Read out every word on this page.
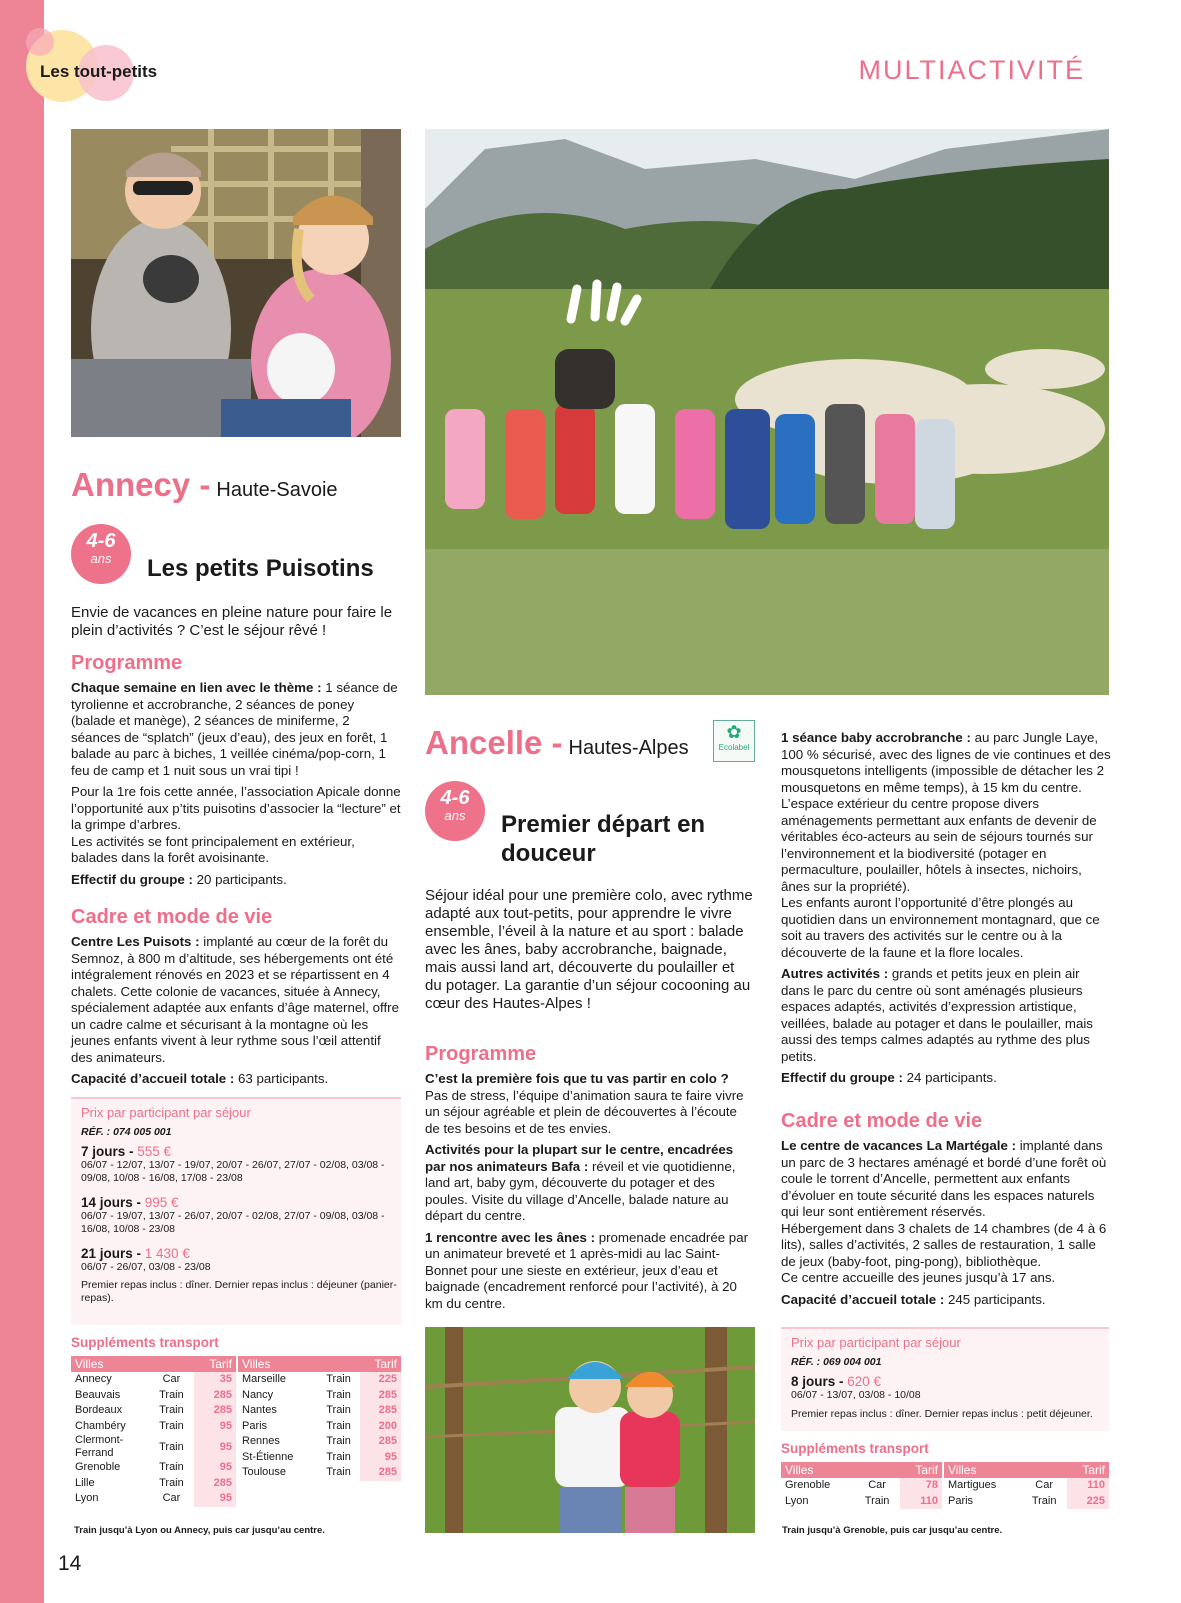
Les tout-petits	MULTIACTIVITÉ
Annecy - Haute-Savoie
4-6
ans	Les petits Puisotins
Envie de vacances en pleine nature pour faire le plein d’activités ? C’est le séjour rêvé !
Programme
Chaque semaine en lien avec le thème : 1 séance de tyrolienne et accrobranche, 2 séances de poney (balade et manège), 2 séances de miniferme, 2 séances de “splatch” (jeux d’eau), des jeux en forêt, 1 balade au parc à biches, 1 veillée cinéma/pop-corn, 1 feu de camp et 1 nuit sous un vrai tipi !
Pour la 1re fois cette année, l’association Apicale donne l’opportunité aux p’tits puisotins d’associer la “lecture” et la grimpe d’arbres.
Les activités se font principalement en extérieur, balades dans la forêt avoisinante.
Effectif du groupe : 20 participants.
Cadre et mode de vie
Centre Les Puisots : implanté au cœur de la forêt du Semnoz, à 800 m d’altitude, ses hébergements ont été intégralement rénovés en 2023 et se répartissent en 4 chalets. Cette colonie de vacances, située à Annecy, spécialement adaptée aux enfants d’âge maternel, offre un cadre calme et sécurisant à la montagne où les jeunes enfants vivent à leur rythme sous l’œil attentif des animateurs.
Capacité d’accueil totale : 63 participants.
Prix par participant par séjour
RÉF. : 074 005 001
7 jours - 555 €
06/07 - 12/07, 13/07 - 19/07, 20/07 - 26/07, 27/07 - 02/08, 03/08 - 09/08, 10/08 - 16/08, 17/08 - 23/08
14 jours - 995 €
06/07 - 19/07, 13/07 - 26/07, 20/07 - 02/08, 27/07 - 09/08, 03/08 - 16/08, 10/08 - 23/08
21 jours - 1 430 €
06/07 - 26/07, 03/08 - 23/08
Premier repas inclus : dîner. Dernier repas inclus : déjeuner (panier-repas).
Suppléments transport
Villes		Tarif
Annecy	Car	35
Beauvais	Train	285
Bordeaux	Train	285
Chambéry	Train	95
Clermont-Ferrand	Train	95
Grenoble	Train	95
Lille	Train	285
Lyon	Car	95
Villes		Tarif
Marseille	Train	225
Nancy	Train	285
Nantes	Train	285
Paris	Train	200
Rennes	Train	285
St-Étienne	Train	95
Toulouse	Train	285
Train jusqu’à Lyon ou Annecy, puis car jusqu’au centre.
Ancelle - Hautes-Alpes
✿
Ecolabel
4-6
ans	Premier départ en
douceur
Séjour idéal pour une première colo, avec rythme adapté aux tout-petits, pour apprendre le vivre ensemble, l’éveil à la nature et au sport : balade avec les ânes, baby accrobranche, baignade, mais aussi land art, découverte du poulailler et du potager. La garantie d’un séjour cocooning au cœur des Hautes-Alpes !
Programme
C’est la première fois que tu vas partir en colo ? Pas de stress, l’équipe d’animation saura te faire vivre un séjour agréable et plein de découvertes à l’écoute de tes besoins et de tes envies.
Activités pour la plupart sur le centre, encadrées par nos animateurs Bafa : réveil et vie quotidienne, land art, baby gym, découverte du potager et des poules. Visite du village d’Ancelle, balade nature au départ du centre.
1 rencontre avec les ânes : promenade encadrée par un animateur breveté et 1 après-midi au lac Saint-Bonnet pour une sieste en extérieur, jeux d’eau et baignade (encadrement renforcé pour l’activité), à 20 km du centre.
1 séance baby accrobranche : au parc Jungle Laye, 100 % sécurisé, avec des lignes de vie continues et des mousquetons intelligents (impossible de détacher les 2 mousquetons en même temps), à 15 km du centre.
L’espace extérieur du centre propose divers aménagements permettant aux enfants de devenir de véritables éco-acteurs au sein de séjours tournés sur l’environnement et la biodiversité (potager en permaculture, poulailler, hôtels à insectes, nichoirs, ânes sur la propriété).
Les enfants auront l’opportunité d’être plongés au quotidien dans un environnement montagnard, que ce soit au travers des activités sur le centre ou à la découverte de la faune et la flore locales.
Autres activités : grands et petits jeux en plein air dans le parc du centre où sont aménagés plusieurs espaces adaptés, activités d’expression artistique, veillées, balade au potager et dans le poulailler, mais aussi des temps calmes adaptés au rythme des plus petits.
Effectif du groupe : 24 participants.
Cadre et mode de vie
Le centre de vacances La Martégale : implanté dans un parc de 3 hectares aménagé et bordé d’une forêt où coule le torrent d’Ancelle, permettent aux enfants d’évoluer en toute sécurité dans les espaces naturels qui leur sont entièrement réservés.
Hébergement dans 3 chalets de 14 chambres (de 4 à 6 lits), salles d’activités, 2 salles de restauration, 1 salle de jeux (baby-foot, ping-pong), bibliothèque.
Ce centre accueille des jeunes jusqu’à 17 ans.
Capacité d’accueil totale : 245 participants.
Prix par participant par séjour
RÉF. : 069 004 001
8 jours - 620 €
06/07 - 13/07, 03/08 - 10/08
Premier repas inclus : dîner. Dernier repas inclus : petit déjeuner.
Suppléments transport
Villes		Tarif
Grenoble	Car	78
Lyon	Train	110
Villes		Tarif
Martigues	Car	110
Paris	Train	225
Train jusqu’à Grenoble, puis car jusqu’au centre.
14
